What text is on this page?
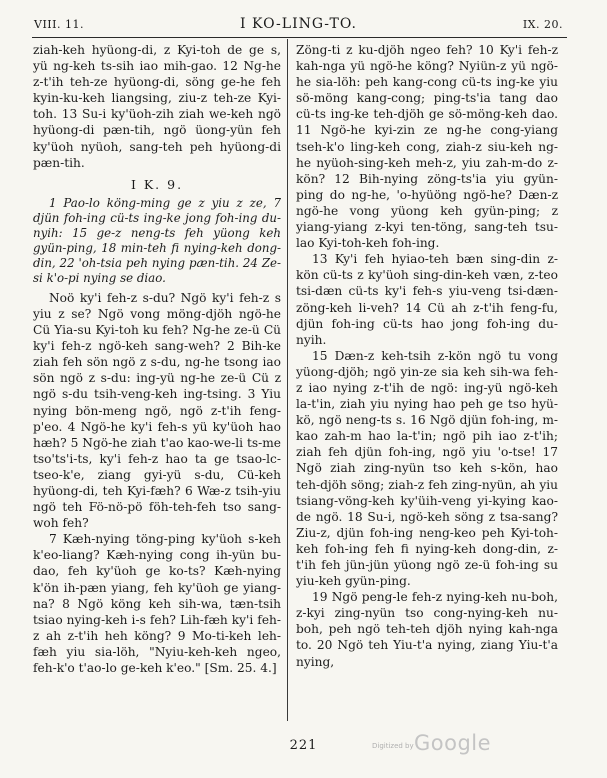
VIII. 11.	I KO-LING-TO.	IX. 20.

ziah-keh hyüong-di, z Kyi-toh de ge s, yü ng-keh ts-sih iao mih-gao. 12 Ng-he z-t'ih teh-ze hyüong-di, söng ge-he feh kyin-ku-keh liangsing, ziu-z teh-ze Kyi-toh. 13 Su-i ky'üoh-zih ziah we-keh ngö hyüong-di pæn-tih, ngö üong-yün feh ky'üoh nyüoh, sang-teh peh hyüong-di pæn-tih.

I K. 9.

1 Pao-lo köng-ming ge z yiu z ze, 7 djün foh-ing cü-ts ing-ke jong foh-ing du-nyih: 15 ge-z neng-ts feh yüong keh gyün-ping, 18 min-teh fi nying-keh dong-din, 22 'oh-tsia peh nying pæn-tih. 24 Ze-si k'o-pi nying se diao.

Noö ky'i feh-z s-du? Ngö ky'i feh-z s yiu z se? Ngö vong möng-djöh ngö-he Cü Yia-su Kyi-toh ku feh? Ng-he ze-ü Cü ky'i feh-z ngö-keh sang-weh? 2 Bih-ke ziah feh sön ngö z s-du, ng-he tsong iao sön ngö z s-du: ing-yü ng-he ze-ü Cü z ngö s-du tsih-veng-keh ing-tsing. 3 Yiu nying bön-meng ngö, ngö z-t'ih feng-p'eo. 4 Ngö-he ky'i feh-s yü ky'üoh hao hæh? 5 Ngö-he ziah t'ao kao-we-li ts-me tso'ts'i-ts, ky'i feh-z hao ta ge tsao-lc-tseo-k'e, ziang gyi-yü s-du, Cü-keh hyüong-di, teh Kyi-fæh? 6 Wæ-z tsih-yiu ngö teh Fö-nö-pö föh-teh-feh tso sang-woh feh?

7 Kæh-nying töng-ping ky'üoh s-keh k'eo-liang? Kæh-nying cong ih-yün bu-dao, feh ky'üoh ge ko-ts? Kæh-nying k'ön ih-pæn yiang, feh ky'üoh ge yiang-na? 8 Ngö köng keh sih-wa, tæn-tsih tsiao nying-keh i-s feh? Lih-fæh ky'i feh-z ah z-t'ih heh köng? 9 Mo-ti-keh leh-fæh yiu sia-löh, "Nyiu-keh-keh ngeo, feh-k'o t'ao-lo ge-keh k'eo." [Sm. 25. 4.]

Zöng-ti z ku-djöh ngeo feh? 10 Ky'i feh-z kah-nga yü ngö-he köng? Nyiün-z yü ngö-he sia-löh: peh kang-cong cü-ts ing-ke yiu sö-möng kang-cong; ping-ts'ia tang dao cü-ts ing-ke teh-djöh ge sö-möng-keh dao. 11 Ngö-he kyi-zin ze ng-he cong-yiang tseh-k'o ling-keh cong, ziah-z siu-keh ng-he nyüoh-sing-keh meh-z, yiu zah-m-do z-kön? 12 Bih-nying zöng-ts'ia yiu gyün-ping do ng-he, 'o-hyüöng ngö-he? Dæn-z ngö-he vong yüong keh gyün-ping; z yiang-yiang z-kyi ten-töng, sang-teh tsu-lao Kyi-toh-keh foh-ing.

13 Ky'i feh hyiao-teh bæn sing-din z-kön cü-ts z ky'üoh sing-din-keh væn, z-teo tsi-dæn cü-ts ky'i feh-s yiu-veng tsi-dæn-zöng-keh li-veh? 14 Cü ah z-t'ih feng-fu, djün foh-ing cü-ts hao jong foh-ing du-nyih.

15 Dæn-z keh-tsih z-kön ngö tu vong yüong-djöh; ngö yin-ze sia keh sih-wa feh-z iao nying z-t'ih de ngö: ing-yü ngö-keh la-t'in, ziah yiu nying hao peh ge tso hyü-kö, ngö neng-ts s. 16 Ngö djün foh-ing, m-kao zah-m hao la-t'in; ngö pih iao z-t'ih; ziah feh djün foh-ing, ngö yiu 'o-tse! 17 Ngö ziah zing-nyün tso keh s-kön, hao teh-djöh söng; ziah-z feh zing-nyün, ah yiu tsiang-vöng-keh ky'üih-veng yi-kying kao-de ngö. 18 Su-i, ngö-keh söng z tsa-sang? Ziu-z, djün foh-ing neng-keo peh Kyi-toh-keh foh-ing feh fi nying-keh dong-din, z-t'ih feh jün-jün yüong ngö ze-ü foh-ing su yiu-keh gyün-ping.

19 Ngö peng-le feh-z nying-keh nu-boh, z-kyi zing-nyün tso cong-nying-keh nu-boh, peh ngö teh-teh djöh nying kah-nga to. 20 Ngö teh Yiu-t'a nying, ziang Yiu-t'a nying,

221	Digitized by Google
